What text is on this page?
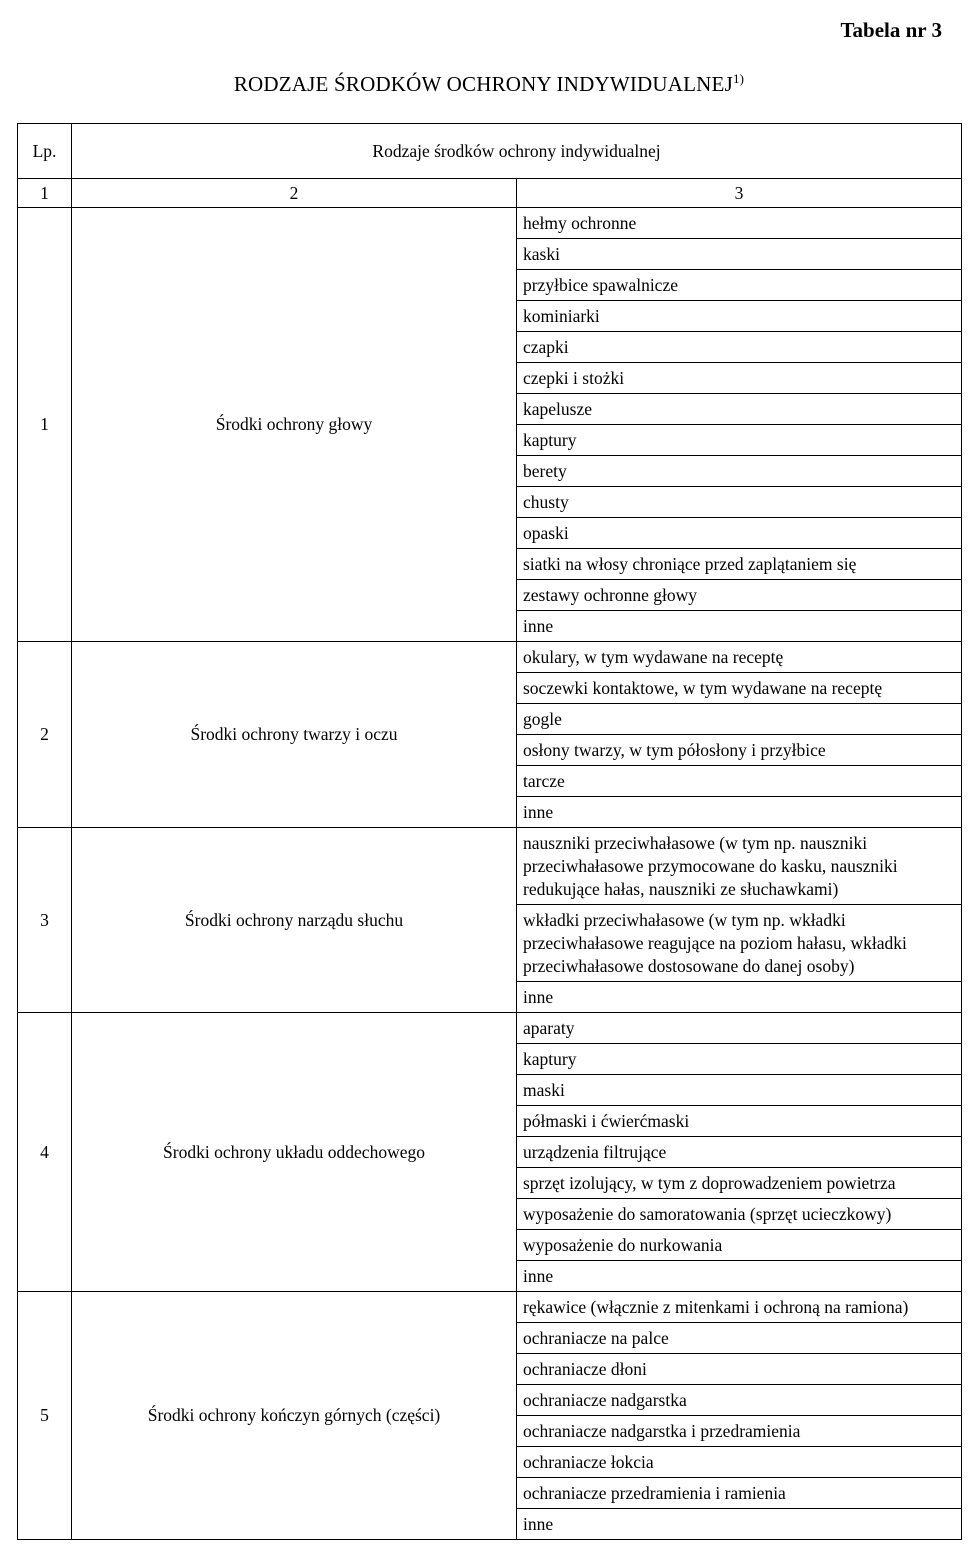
Tabela nr 3
RODZAJE ŚRODKÓW OCHRONY INDYWIDUALNEJ$^{1)}$
Lp.	Rodzaje środków ochrony indywidualnej	
1	2	3
1	Środki ochrony głowy	hełmy ochronne
		kaski
		przyłbice spawalnicze
		kominiarki
		czapki
		czepki i stożki
		kapelusze
		kaptury
		berety
		chusty
		opaski
		siatki na włosy chroniące przed zaplątaniem się
		zestawy ochronne głowy
		inne
2	Środki ochrony twarzy i oczu	okulary, w tym wydawane na receptę
		soczewki kontaktowe, w tym wydawane na receptę
		gogle
		osłony twarzy, w tym półosłony i przyłbice
		tarcze
		inne
3	Środki ochrony narządu słuchu	nauszniki przeciwhałasowe (w tym np. nauszniki przeciwhałasowe przymocowane do kasku, nauszniki redukujące hałas, nauszniki ze słuchawkami)
		wkładki przeciwhałasowe (w tym np. wkładki przeciwhałasowe reagujące na poziom hałasu, wkładki przeciwhałasowe dostosowane do danej osoby)
		inne
4	Środki ochrony układu oddechowego	aparaty
		kaptury
		maski
		półmaski i ćwierćmaski
		urządzenia filtrujące
		sprzęt izolujący, w tym z doprowadzeniem powietrza
		wyposażenie do samoratowania (sprzęt ucieczkowy)
		wyposażenie do nurkowania
		inne
5	Środki ochrony kończyn górnych (części)	rękawice (włącznie z mitenkami i ochroną na ramiona)
		ochraniacze na palce
		ochraniacze dłoni
		ochraniacze nadgarstka
		ochraniacze nadgarstka i przedramienia
		ochraniacze łokcia
		ochraniacze przedramienia i ramienia
		inne
